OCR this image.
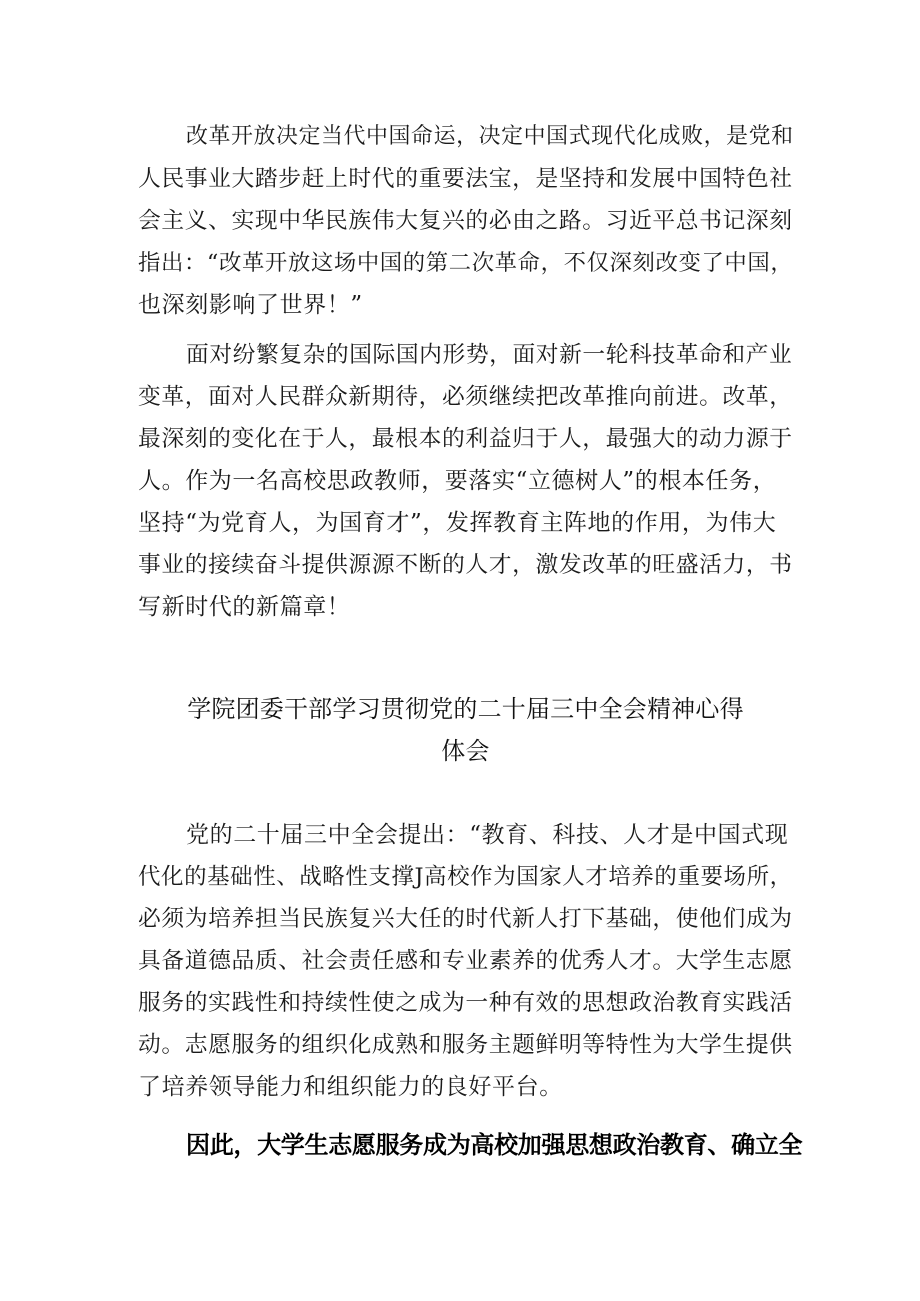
改革开放决定当代中国命运，决定中国式现代化成败，是党和
人民事业大踏步赶上时代的重要法宝，是坚持和发展中国特色社
会主义、实现中华民族伟大复兴的必由之路。习近平总书记深刻
指出：“改革开放这场中国的第二次革命，不仅深刻改变了中国，
也深刻影响了世界！”
面对纷繁复杂的国际国内形势，面对新一轮科技革命和产业
变革，面对人民群众新期待，必须继续把改革推向前进。改革，
最深刻的变化在于人，最根本的利益归于人，最强大的动力源于
人。作为一名高校思政教师，要落实“立德树人”的根本任务，
坚持“为党育人，为国育才”，发挥教育主阵地的作用，为伟大
事业的接续奋斗提供源源不断的人才，激发改革的旺盛活力，书
写新时代的新篇章！
学院团委干部学习贯彻党的二十届三中全会精神心得
体会
党的二十届三中全会提出：“教育、科技、人才是中国式现
代化的基础性、战略性支撑J高校作为国家人才培养的重要场所，
必须为培养担当民族复兴大任的时代新人打下基础，使他们成为
具备道德品质、社会责任感和专业素养的优秀人才。大学生志愿
服务的实践性和持续性使之成为一种有效的思想政治教育实践活
动。志愿服务的组织化成熟和服务主题鲜明等特性为大学生提供
了培养领导能力和组织能力的良好平台。
因此，大学生志愿服务成为高校加强思想政治教育、确立全
